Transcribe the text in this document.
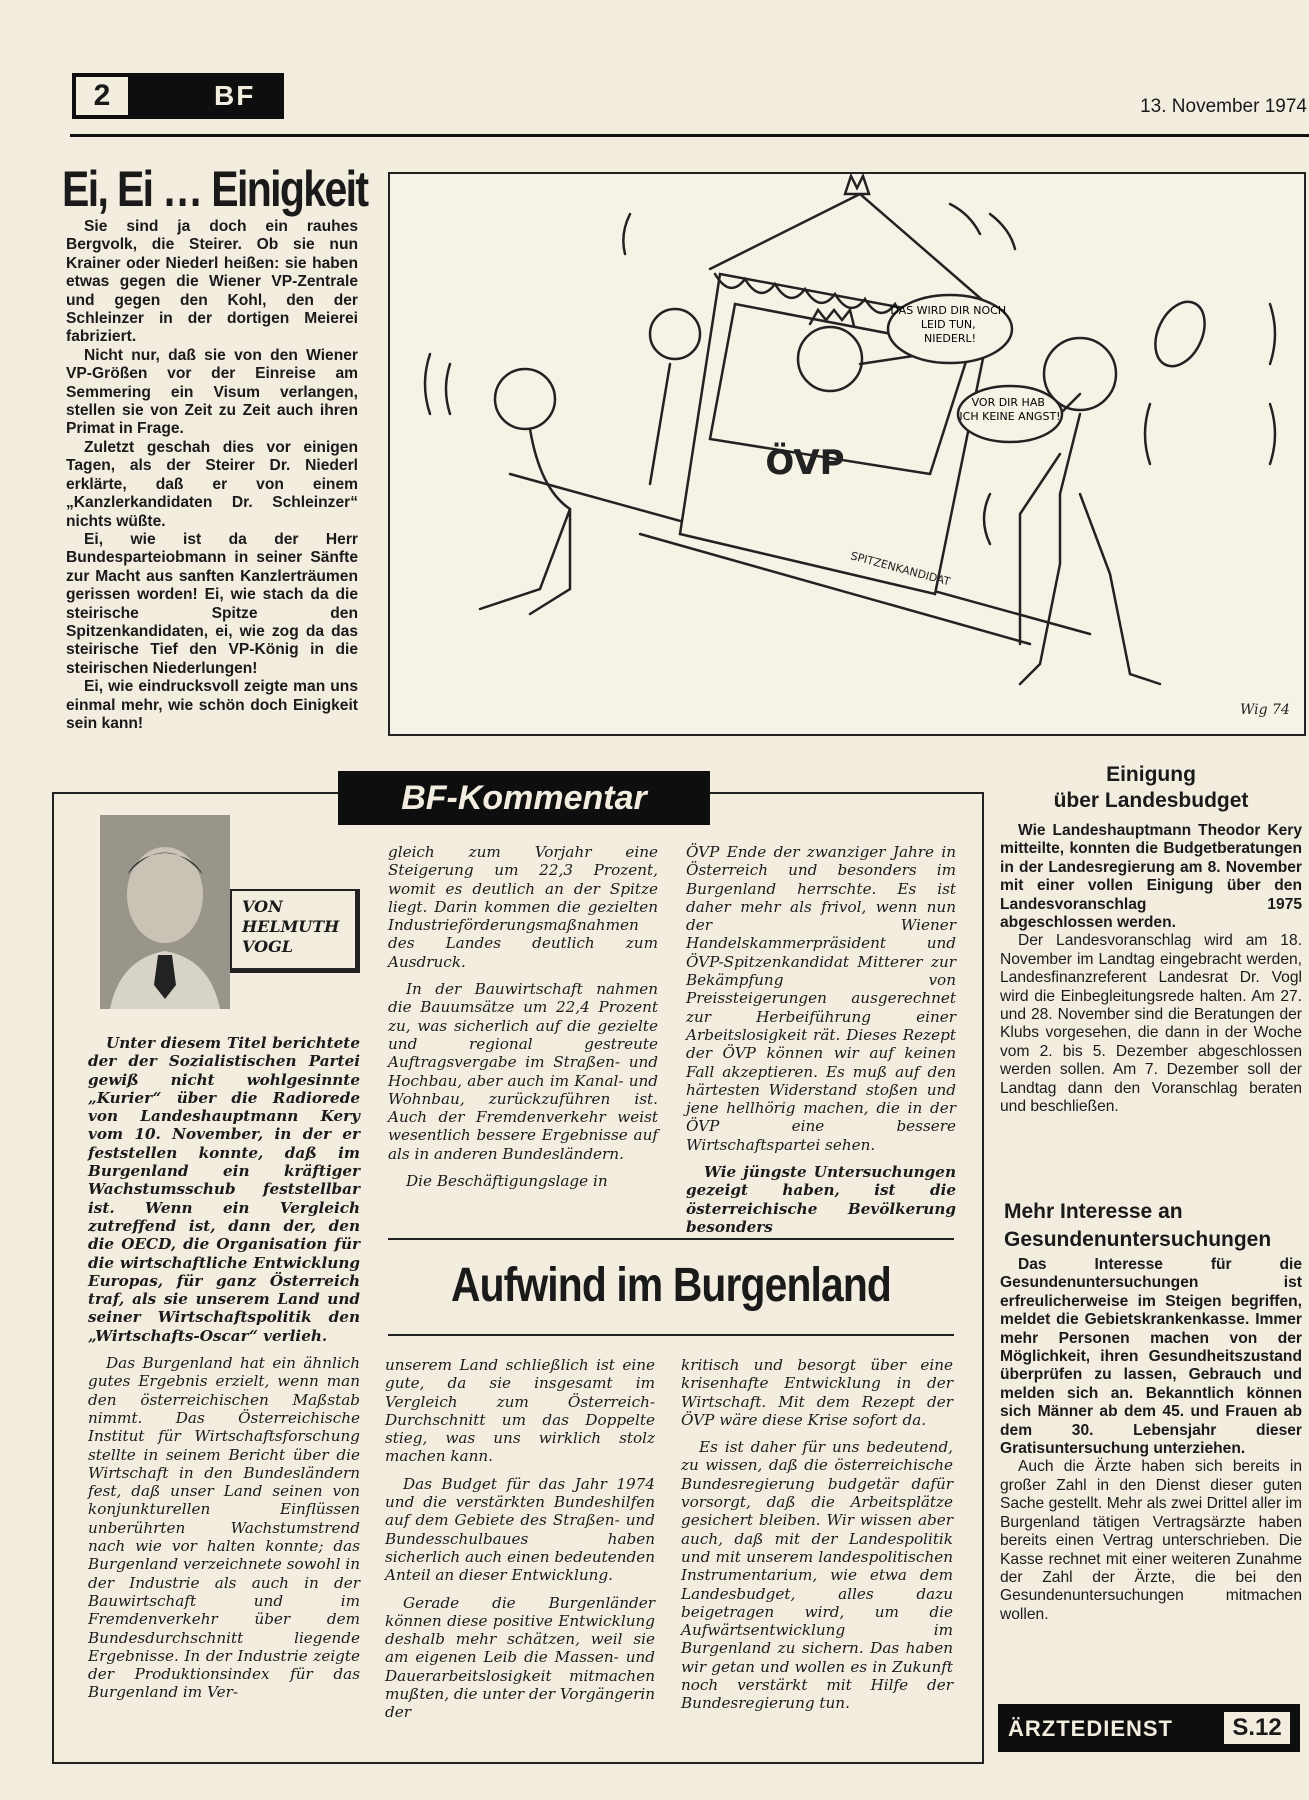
2	BF	13. November 1974
Ei, Ei … Einigkeit

Sie sind ja doch ein rauhes Bergvolk, die Steirer. Ob sie nun Krainer oder Niederl heißen: sie haben etwas gegen die Wiener VP-Zentrale und gegen den Kohl, den der Schleinzer in der dortigen Meierei fabriziert.

Nicht nur, daß sie von den Wiener VP-Größen vor der Einreise am Semmering ein Visum verlangen, stellen sie von Zeit zu Zeit auch ihren Primat in Frage.

Zuletzt geschah dies vor einigen Tagen, als der Steirer Dr. Niederl erklärte, daß er von einem „Kanzlerkandidaten Dr. Schleinzer“ nichts wüßte.

Ei, wie ist da der Herr Bundesparteiobmann in seiner Sänfte zur Macht aus sanften Kanzlerträumen gerissen worden! Ei, wie stach da die steirische Spitze den Spitzenkandidaten, ei, wie zog da das steirische Tief den VP-König in die steirischen Niederlungen!

Ei, wie eindrucksvoll zeigte man uns einmal mehr, wie schön doch Einigkeit sein kann!

DAS WIRD DIR NOCH LEID TUN, NIEDERL!
VOR DIR HAB ICH KEINE ANGST!
ÖVP
SPITZENKANDIDAT
Wig 74
BF-Kommentar
VON
HELMUTH
VOGL

Unter diesem Titel berichtete der der Sozialistischen Partei gewiß nicht wohlgesinnte „Kurier“ über die Radiorede von Landeshauptmann Kery vom 10. November, in der er feststellen konnte, daß im Burgenland ein kräftiger Wachstumsschub feststellbar ist. Wenn ein Vergleich zutreffend ist, dann der, den die OECD, die Organisation für die wirtschaftliche Entwicklung Europas, für ganz Österreich traf, als sie unserem Land und seiner Wirtschaftspolitik den „Wirtschafts-Oscar“ verlieh.

Das Burgenland hat ein ähnlich gutes Ergebnis erzielt, wenn man den österreichischen Maßstab nimmt. Das Österreichische Institut für Wirtschaftsforschung stellte in seinem Bericht über die Wirtschaft in den Bundesländern fest, daß unser Land seinen von konjunkturellen Einflüssen unberührten Wachstumstrend nach wie vor halten konnte; das Burgenland verzeichnete sowohl in der Industrie als auch in der Bauwirtschaft und im Fremdenverkehr über dem Bundesdurchschnitt liegende Ergebnisse. In der Industrie zeigte der Produktionsindex für das Burgenland im Ver-

gleich zum Vorjahr eine Steigerung um 22,3 Prozent, womit es deutlich an der Spitze liegt. Darin kommen die gezielten Industrieförderungsmaßnahmen des Landes deutlich zum Ausdruck.

In der Bauwirtschaft nahmen die Bauumsätze um 22,4 Prozent zu, was sicherlich auf die gezielte und regional gestreute Auftragsvergabe im Straßen- und Hochbau, aber auch im Kanal- und Wohnbau, zurückzuführen ist. Auch der Fremdenverkehr weist wesentlich bessere Ergebnisse auf als in anderen Bundesländern.

Die Beschäftigungslage in

ÖVP Ende der zwanziger Jahre in Österreich und besonders im Burgenland herrschte. Es ist daher mehr als frivol, wenn nun der Wiener Handelskammerpräsident und ÖVP-Spitzenkandidat Mitterer zur Bekämpfung von Preissteigerungen ausgerechnet zur Herbeiführung einer Arbeitslosigkeit rät. Dieses Rezept der ÖVP können wir auf keinen Fall akzeptieren. Es muß auf den härtesten Widerstand stoßen und jene hellhörig machen, die in der ÖVP eine bessere Wirtschaftspartei sehen.

Wie jüngste Untersuchungen gezeigt haben, ist die österreichische Bevölkerung besonders

Aufwind im Burgenland

unserem Land schließlich ist eine gute, da sie insgesamt im Vergleich zum Österreich-Durchschnitt um das Doppelte stieg, was uns wirklich stolz machen kann.

Das Budget für das Jahr 1974 und die verstärkten Bundeshilfen auf dem Gebiete des Straßen- und Bundesschulbaues haben sicherlich auch einen bedeutenden Anteil an dieser Entwicklung.

Gerade die Burgenländer können diese positive Entwicklung deshalb mehr schätzen, weil sie am eigenen Leib die Massen- und Dauerarbeitslosigkeit mitmachen mußten, die unter der Vorgängerin der

kritisch und besorgt über eine krisenhafte Entwicklung in der Wirtschaft. Mit dem Rezept der ÖVP wäre diese Krise sofort da.

Es ist daher für uns bedeutend, zu wissen, daß die österreichische Bundesregierung budgetär dafür vorsorgt, daß die Arbeitsplätze gesichert bleiben. Wir wissen aber auch, daß mit der Landespolitik und mit unserem landespolitischen Instrumentarium, wie etwa dem Landesbudget, alles dazu beigetragen wird, um die Aufwärtsentwicklung im Burgenland zu sichern. Das haben wir getan und wollen es in Zukunft noch verstärkt mit Hilfe der Bundesregierung tun.

Einigung
über Landesbudget

Wie Landeshauptmann Theodor Kery mitteilte, konnten die Budgetberatungen in der Landesregierung am 8. November mit einer vollen Einigung über den Landesvoranschlag 1975 abgeschlossen werden.

Der Landesvoranschlag wird am 18. November im Landtag eingebracht werden, Landesfinanzreferent Landesrat Dr. Vogl wird die Einbegleitungsrede halten. Am 27. und 28. November sind die Beratungen der Klubs vorgesehen, die dann in der Woche vom 2. bis 5. Dezember abgeschlossen werden sollen. Am 7. Dezember soll der Landtag dann den Voranschlag beraten und beschließen.

Mehr Interesse an Gesundenuntersuchungen

Das Interesse für die Gesundenuntersuchungen ist erfreulicherweise im Steigen begriffen, meldet die Gebietskrankenkasse. Immer mehr Personen machen von der Möglichkeit, ihren Gesundheitszustand überprüfen zu lassen, Gebrauch und melden sich an. Bekanntlich können sich Männer ab dem 45. und Frauen ab dem 30. Lebensjahr dieser Gratisuntersuchung unterziehen.

Auch die Ärzte haben sich bereits in großer Zahl in den Dienst dieser guten Sache gestellt. Mehr als zwei Drittel aller im Burgenland tätigen Vertragsärzte haben bereits einen Vertrag unterschrieben. Die Kasse rechnet mit einer weiteren Zunahme der Zahl der Ärzte, die bei den Gesundenuntersuchungen mitmachen wollen.

ÄRZTEDIENST	S.12
